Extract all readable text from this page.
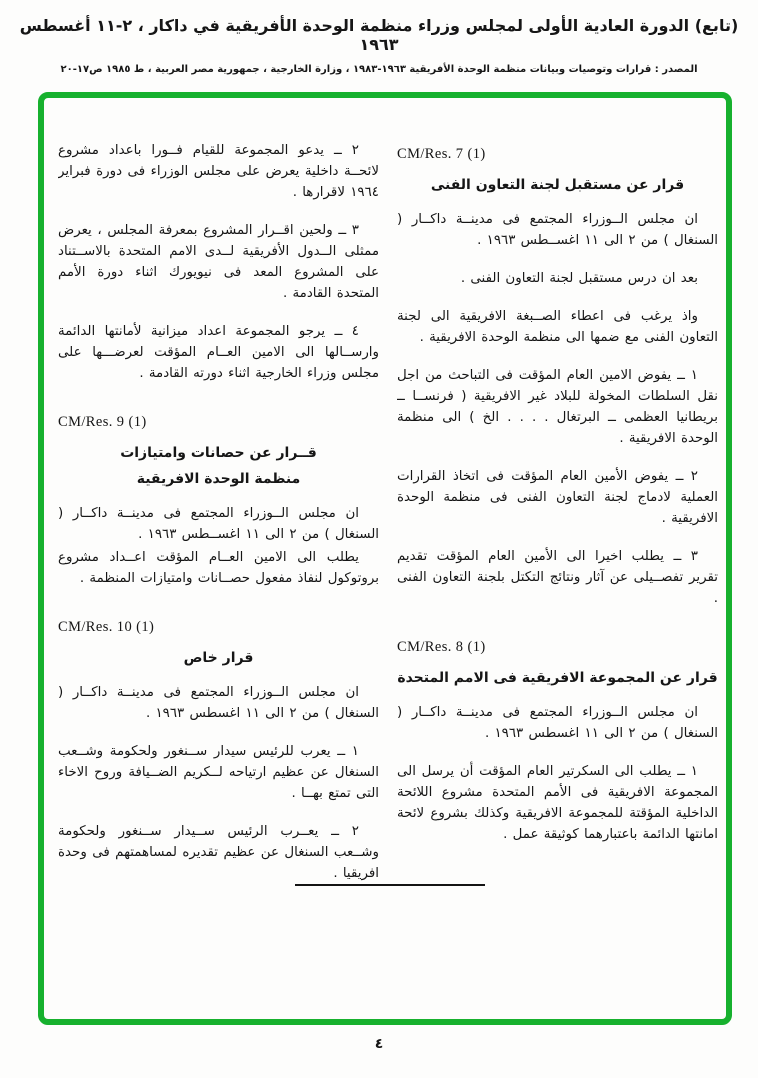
(تابع) الدورة العادية الأولى لمجلس وزراء منظمة الوحدة الأفريقية في داكار ، ٢-١١ أغسطس ١٩٦٣
المصدر : قرارات وتوصيات وبيانات منظمة الوحدة الأفريقية ١٩٦٣-١٩٨٣ ، وزارة الخارجية ، جمهورية مصر العربية ، ط ١٩٨٥ ص١٧-٢٠
CM/Res. 7 (1)
قرار عن مستقبل لجنة التعاون الفنى
ان مجلس الــوزراء المجتمع فى مدينــة داكــار ( السنغال ) من ٢ الى ١١ اغســطس ١٩٦٣ .
بعد ان درس مستقبل لجنة التعاون الفنى .
واذ يرغب فى اعطاء الصــبغة الافريقية الى لجنة التعاون الفنى مع ضمها الى منظمة الوحدة الافريقية .
١ ــ يفوض الامين العام المؤقت فى التباحث من اجل نقل السلطات المخولة للبلاد غير الافريقية ( فرنســا ــ بريطانيا العظمى ــ البرتغال . . . . الخ ) الى منظمة الوحدة الافريقية .
٢ ــ يفوض الأمين العام المؤقت فى اتخاذ القرارات العملية لادماج لجنة التعاون الفنى فى منظمة الوحدة الافريقية .
٣ ــ يطلب اخيرا الى الأمين العام المؤقت تقديم تقرير تفصــيلى عن آثار ونتائج التكتل بلجنة التعاون الفنى .
CM/Res. 8 (1)
قرار عن المجموعة الافريقية فى الامم المتحدة
ان مجلس الــوزراء المجتمع فى مدينــة داكــار ( السنغال ) من ٢ الى ١١ اغسطس ١٩٦٣ .
١ ــ يطلب الى السكرتير العام المؤقت أن يرسل الى المجموعة الافريقية فى الأمم المتحدة مشروع اللائحة الداخلية المؤقتة للمجموعة الافريقية وكذلك بشروع لائحة امانتها الدائمة باعتبارهما كوثيقة عمل .
٢ ــ يدعو المجموعة للقيام فــورا باعداد مشروع لائحــة داخلية يعرض على مجلس الوزراء فى دورة فبراير ١٩٦٤ لاقرارها .
٣ ــ ولحين اقــرار المشروع بمعرفة المجلس ، يعرض ممثلى الــدول الأفريقية لــدى الامم المتحدة بالاســتناد على المشروع المعد فى نيويورك اثناء دورة الأمم المتحدة القادمة .
٤ ــ يرجو المجموعة اعداد ميزانية لأمانتها الدائمة وارســالها الى الامين العــام المؤقت لعرضـــها على مجلس وزراء الخارجية اثناء دورته القادمة .
CM/Res. 9 (1)
قــرار عن حصانات وامتيازات
منظمة الوحدة الافريقية
ان مجلس الــوزراء المجتمع فى مدينــة داكــار ( السنغال ) من ٢ الى ١١ اغســطس ١٩٦٣ .
يطلب الى الامين العــام المؤقت اعــداد مشروع بروتوكول لنفاذ مفعول حصــانات وامتيازات المنظمة .
CM/Res. 10 (1)
قرار خاص
ان مجلس الــوزراء المجتمع فى مدينــة داكــار ( السنغال ) من ٢ الى ١١ اغسطس ١٩٦٣ .
١ ــ يعرب للرئيس سيدار ســنغور ولحكومة وشــعب السنغال عن عظيم ارتياحه لــكريم الضــيافة وروح الاخاء التى تمتع بهــا .
٢ ــ يعــرب الرئيس ســيدار ســنغور ولحكومة وشــعب السنغال عن عظيم تقديره لمساهمتهم فى وحدة افريقيا .
٤
